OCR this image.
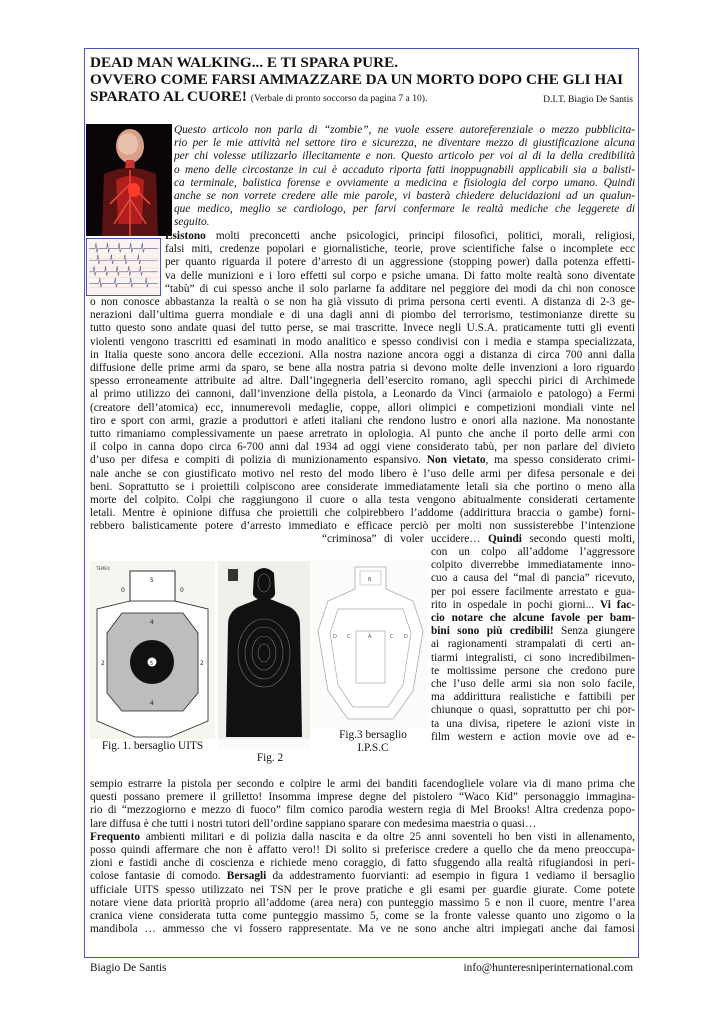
DEAD MAN WALKING... E TI SPARA PURE.
OVVERO COME FARSI AMMAZZARE DA UN MORTO DOPO CHE GLI HAI
SPARATO AL CUORE! (Verbale di pronto soccorso da pagina 7 a 10).	D.I.T. Biagio De Santis
Questo articolo non parla di “zombie”, ne vuole essere autoreferenziale o mezzo pubblicita-
rio per le mie attività nel settore tiro e sicurezza, ne diventare mezzo di giustificazione alcuna
per chi volesse utilizzarlo illecitamente e non. Questo articolo per voi al di la della credibilità
o meno delle circostanze in cui è accaduto riporta fatti inoppugnabili applicabili sia a balisti-
ca terminale, balistica forense e ovviamente a medicina e fisiologia del corpo umano. Quindi
anche se non vorrete credere alle mie parole, vi basterà chiedere delucidazioni ad un qualun-
que medico, meglio se cardiologo, per farvi confermare le realtà mediche che leggerete di
seguito.
Esistono molti preconcetti anche psicologici, principi filosofici, politici, morali, religiosi,
falsi miti, credenze popolari e giornalistiche, teorie, prove scientifiche false o incomplete ecc
per quanto riguarda il potere d’arresto di un aggressione (stopping power) dalla potenza effetti-
va delle munizioni e i loro effetti sul corpo e psiche umana. Di fatto molte realtà sono diventate
“tabù” di cui spesso anche il solo parlarne fa additare nel peggiore dei modi da chi non conosce
o non conosce abbastanza la realtà o se non ha già vissuto di prima persona certi eventi. A distanza di 2-3 ge-
nerazioni dall’ultima guerra mondiale e di una dagli anni di piombo del terrorismo, testimonianze dirette su
tutto questo sono andate quasi del tutto perse, se mai trascritte. Invece negli U.S.A. praticamente tutti gli eventi
violenti vengono trascritti ed esaminati in modo analitico e spesso condivisi con i media e stampa specializzata,
in Italia queste sono ancora delle eccezioni. Alla nostra nazione ancora oggi a distanza di circa 700 anni dalla
diffusione delle prime armi da sparo, se bene alla nostra patria si devono molte delle invenzioni a loro riguardo
spesso erroneamente attribuite ad altre. Dall’ingegneria dell’esercito romano, agli specchi pirici di Archimede
al primo utilizzo dei cannoni, dall’invenzione della pistola, a Leonardo da Vinci (armaiolo e patologo) a Fermi
(creatore dell’atomica) ecc, innumerevoli medaglie, coppe, allori olimpici e competizioni mondiali vinte nel
tiro e sport con armi, grazie a produttori e atleti italiani che rendono lustro e onori alla nazione. Ma nonostante
tutto rimaniamo complessivamente un paese arretrato in oplologia. Al punto che anche il porto delle armi con
il colpo in canna dopo circa 6-700 anni dal 1934 ad oggi viene considerato tabù, per non parlare del divieto
d’uso per difesa e compiti di polizia di munizionamento espansivo. Non vietato, ma spesso considerato crimi-
nale anche se con giustificato motivo nel resto del modo libero è l’uso delle armi per difesa personale e dei
beni. Soprattutto se i proiettili colpiscono aree considerate immediatamente letali sia che portino o meno alla
morte del colpito. Colpi che raggiungono il cuore o alla testa vengono abitualmente considerati certamente
letali. Mentre è opinione diffusa che proiettili che colpirebbero l’addome (addirittura braccia o gambe) forni-
rebbero balisticamente potere d’arresto immediato e efficace perciò per molti non sussisterebbe l’intenzione
“criminosa” di voler uccidere… Quindi secondo questi molti,
TEMEX
5
0	0
4
2	2
5
4
Fig. 1. bersaglio UITS
Fig. 2
D C	A	C D
B
Fig.3 bersaglio
I.P.S.C
con un colpo all’addome l’aggressore
colpito diverrebbe immediatamente inno-
cuo a causa del “mal di pancia” ricevuto,
per poi essere facilmente arrestato e gua-
rito in ospedale in pochi giorni... Vi fac-
cio notare che alcune favole per bam-
bini sono più credibili! Senza giungere
ai ragionamenti strampalati di certi an-
tiarmi integralisti, ci sono incredibilmen-
te moltissime persone che credono pure
che l’uso delle armi sia non solo facile,
ma addirittura realistiche e fattibili per
chiunque o quasi, soprattutto per chi por-
ta una divisa, ripetere le azioni viste in
film western e action movie ove ad e-
sempio estrarre la pistola per secondo e colpire le armi dei banditi facendogliele volare via di mano prima che
questi possano premere il grilletto! Insomma imprese degne del pistolero “Waco Kid” personaggio immagina-
rio di “mezzogiorno e mezzo di fuoco” film comico parodia western regia di Mel Brooks! Altra credenza popo-
lare diffusa è che tutti i nostri tutori dell’ordine sappiano sparare con medesima maestria o quasi…
Frequento ambienti militari e di polizia dalla nascita e da oltre 25 anni soventeli ho ben visti in allenamento,
posso quindi affermare che non è affatto vero!! Di solito si preferisce credere a quello che da meno preoccupa-
zioni e fastidi anche di coscienza e richiede meno coraggio, di fatto sfuggendo alla realtà rifugiandosi in peri-
colose fantasie di comodo. Bersagli da addestramento fuorvianti: ad esempio in figura 1 vediamo il bersaglio
ufficiale UITS spesso utilizzato nei TSN per le prove pratiche e gli esami per guardie giurate. Come potete
notare viene data priorità proprio all’addome (area nera) con punteggio massimo 5 e non il cuore, mentre l’area
cranica viene considerata tutta come punteggio massimo 5, come se la fronte valesse quanto uno zigomo o la
mandibola … ammesso che vi fossero rappresentate. Ma ve ne sono anche altri impiegati anche dai famosi
Biagio De Santis	info@hunteresniperinternational.com
